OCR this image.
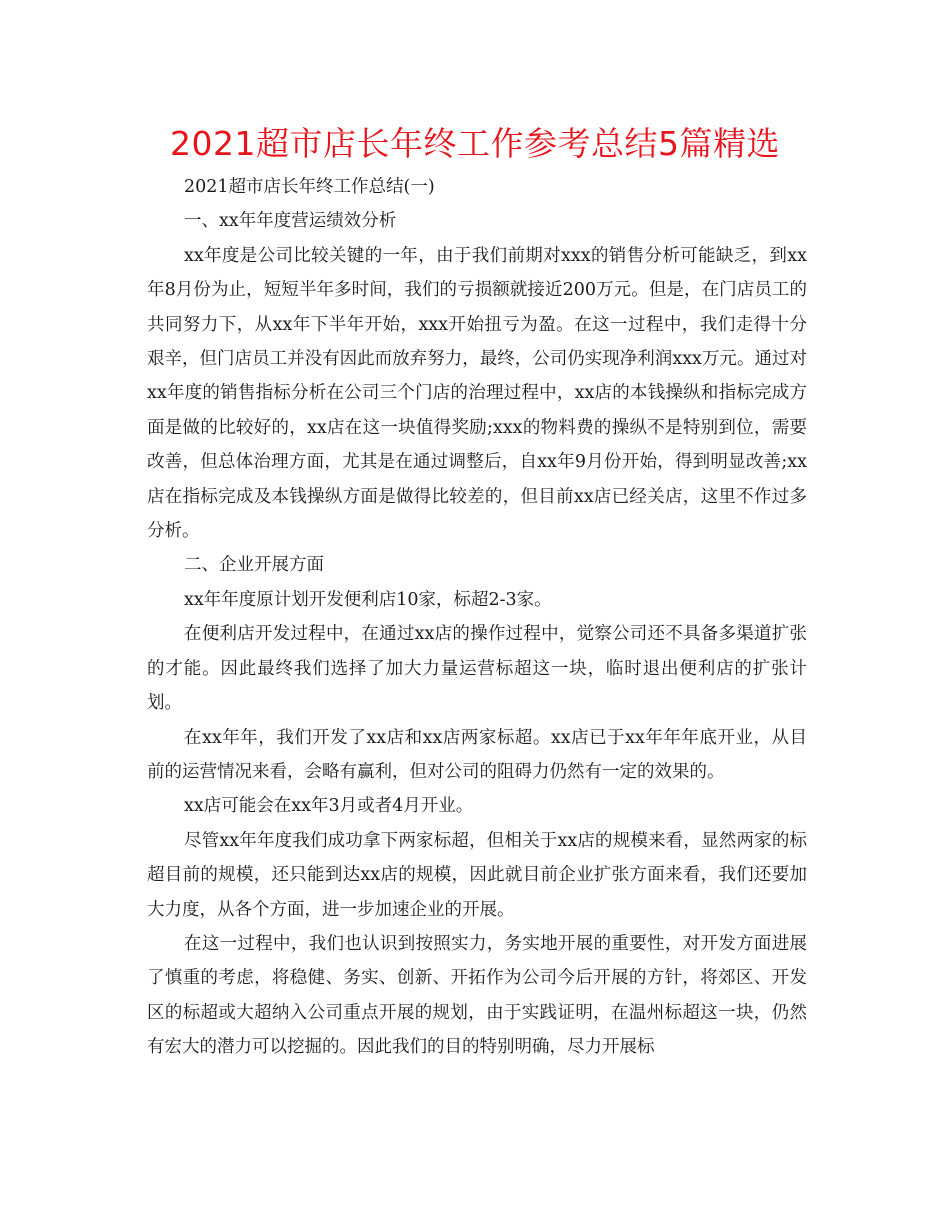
2021超市店长年终工作参考总结5篇精选

2021超市店长年终工作总结(一)

一、xx年年度营运绩效分析

xx年度是公司比较关键的一年，由于我们前期对xxx的销售分析可能缺乏，到xx年8月份为止，短短半年多时间，我们的亏损额就接近200万元。但是，在门店员工的共同努力下，从xx年下半年开始，xxx开始扭亏为盈。在这一过程中，我们走得十分艰辛，但门店员工并没有因此而放弃努力，最终，公司仍实现净利润xxx万元。通过对xx年度的销售指标分析在公司三个门店的治理过程中，xx店的本钱操纵和指标完成方面是做的比较好的，xx店在这一块值得奖励;xxx的物料费的操纵不是特别到位，需要改善，但总体治理方面，尤其是在通过调整后，自xx年9月份开始，得到明显改善;xx店在指标完成及本钱操纵方面是做得比较差的，但目前xx店已经关店，这里不作过多分析。

二、企业开展方面

xx年年度原计划开发便利店10家，标超2-3家。

在便利店开发过程中，在通过xx店的操作过程中，觉察公司还不具备多渠道扩张的才能。因此最终我们选择了加大力量运营标超这一块，临时退出便利店的扩张计划。

在xx年年，我们开发了xx店和xx店两家标超。xx店已于xx年年年底开业，从目前的运营情况来看，会略有赢利，但对公司的阻碍力仍然有一定的效果的。

xx店可能会在xx年3月或者4月开业。

尽管xx年年度我们成功拿下两家标超，但相关于xx店的规模来看，显然两家的标超目前的规模，还只能到达xx店的规模，因此就目前企业扩张方面来看，我们还要加大力度，从各个方面，进一步加速企业的开展。

在这一过程中，我们也认识到按照实力，务实地开展的重要性，对开发方面进展了慎重的考虑，将稳健、务实、创新、开拓作为公司今后开展的方针，将郊区、开发区的标超或大超纳入公司重点开展的规划，由于实践证明，在温州标超这一块，仍然有宏大的潜力可以挖掘的。因此我们的目的特别明确，尽力开展标
